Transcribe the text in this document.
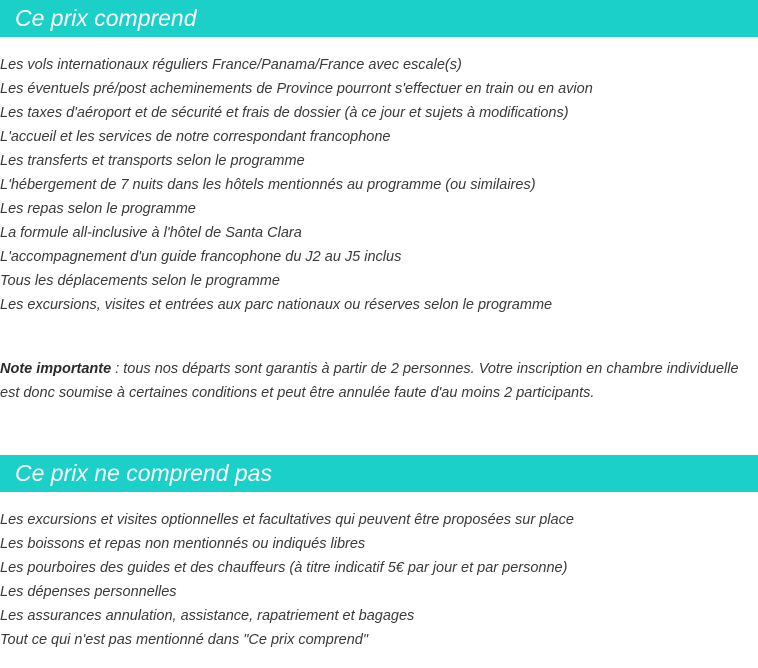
Ce prix comprend
Les vols internationaux réguliers France/Panama/France avec escale(s)
Les éventuels pré/post acheminements de Province pourront s'effectuer en train ou en avion
Les taxes d'aéroport et de sécurité et frais de dossier (à ce jour et sujets à modifications)
L'accueil et les services de notre correspondant francophone
Les transferts et transports selon le programme
L'hébergement de 7 nuits dans les hôtels mentionnés au programme (ou similaires)
Les repas selon le programme
La formule all-inclusive à l'hôtel de Santa Clara
L'accompagnement d'un guide francophone du J2 au J5 inclus
Tous les déplacements selon le programme
Les excursions, visites et entrées aux parc nationaux ou réserves selon le programme

Note importante : tous nos départs sont garantis à partir de 2 personnes. Votre inscription en chambre individuelle est donc soumise à certaines conditions et peut être annulée faute d'au moins 2 participants.

Ce prix ne comprend pas
Les excursions et visites optionnelles et facultatives qui peuvent être proposées sur place
Les boissons et repas non mentionnés ou indiqués libres
Les pourboires des guides et des chauffeurs (à titre indicatif 5€ par jour et par personne)
Les dépenses personnelles
Les assurances annulation, assistance, rapatriement et bagages
Tout ce qui n'est pas mentionné dans "Ce prix comprend"
